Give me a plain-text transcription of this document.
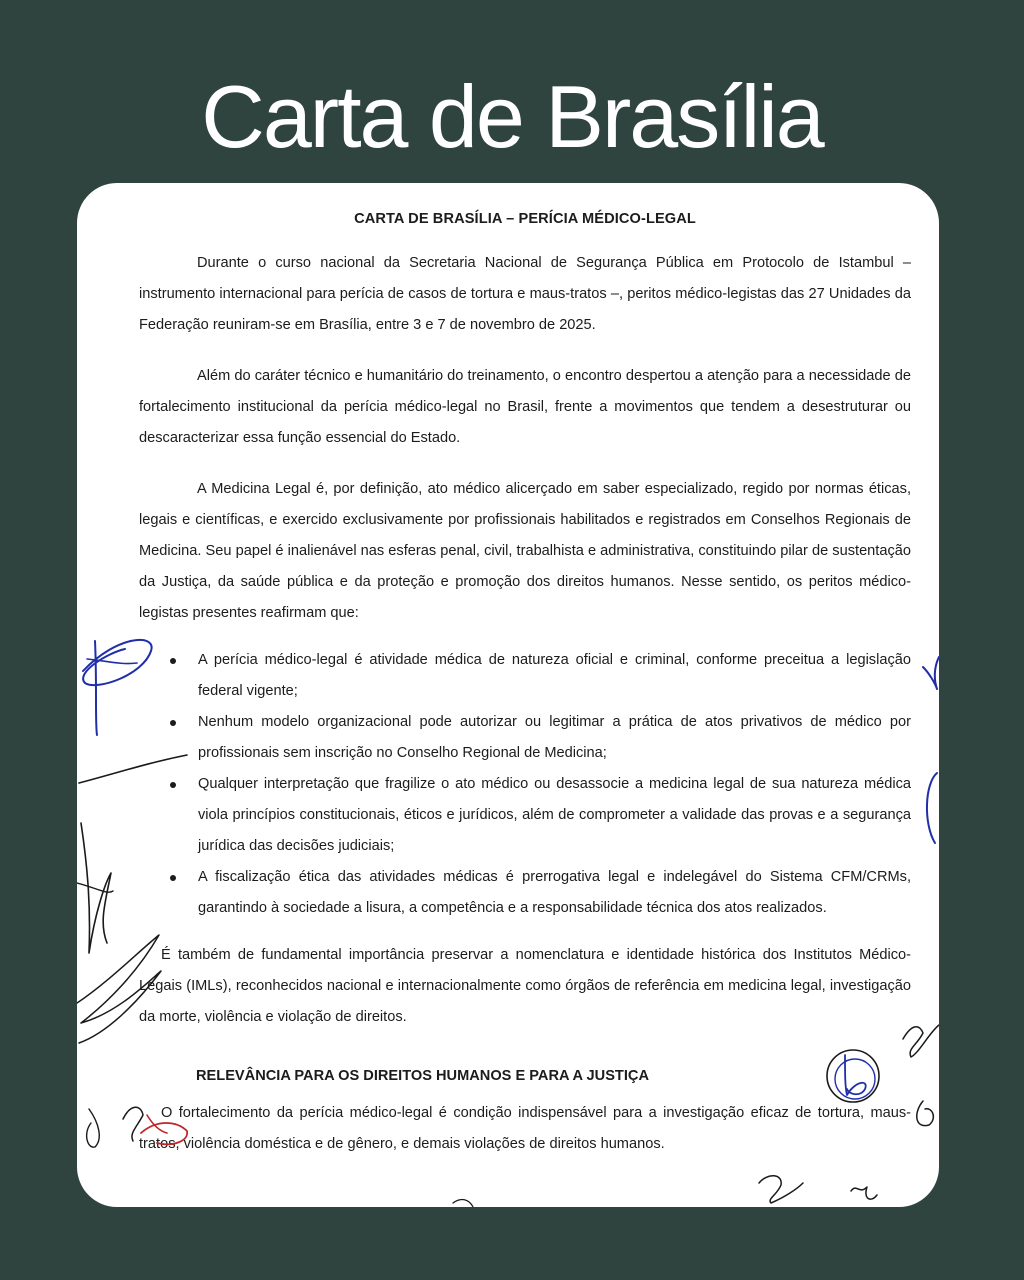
Carta de Brasília
CARTA DE BRASÍLIA – PERÍCIA MÉDICO-LEGAL

Durante o curso nacional da Secretaria Nacional de Segurança Pública em Protocolo de Istambul – instrumento internacional para perícia de casos de tortura e maus-tratos –, peritos médico-legistas das 27 Unidades da Federação reuniram-se em Brasília, entre 3 e 7 de novembro de 2025.

Além do caráter técnico e humanitário do treinamento, o encontro despertou a atenção para a necessidade de fortalecimento institucional da perícia médico-legal no Brasil, frente a movimentos que tendem a desestruturar ou descaracterizar essa função essencial do Estado.

A Medicina Legal é, por definição, ato médico alicerçado em saber especializado, regido por normas éticas, legais e científicas, e exercido exclusivamente por profissionais habilitados e registrados em Conselhos Regionais de Medicina. Seu papel é inalienável nas esferas penal, civil, trabalhista e administrativa, constituindo pilar de sustentação da Justiça, da saúde pública e da proteção e promoção dos direitos humanos. Nesse sentido, os peritos médico-legistas presentes reafirmam que:

A perícia médico-legal é atividade médica de natureza oficial e criminal, conforme preceitua a legislação federal vigente;
Nenhum modelo organizacional pode autorizar ou legitimar a prática de atos privativos de médico por profissionais sem inscrição no Conselho Regional de Medicina;
Qualquer interpretação que fragilize o ato médico ou desassocie a medicina legal de sua natureza médica viola princípios constitucionais, éticos e jurídicos, além de comprometer a validade das provas e a segurança jurídica das decisões judiciais;
A fiscalização ética das atividades médicas é prerrogativa legal e indelegável do Sistema CFM/CRMs, garantindo à sociedade a lisura, a competência e a responsabilidade técnica dos atos realizados.

É também de fundamental importância preservar a nomenclatura e identidade histórica dos Institutos Médico-Legais (IMLs), reconhecidos nacional e internacionalmente como órgãos de referência em medicina legal, investigação da morte, violência e violação de direitos.

RELEVÂNCIA PARA OS DIREITOS HUMANOS E PARA A JUSTIÇA

O fortalecimento da perícia médico-legal é condição indispensável para a investigação eficaz de tortura, maus-tratos, violência doméstica e de gênero, e demais violações de direitos humanos.
